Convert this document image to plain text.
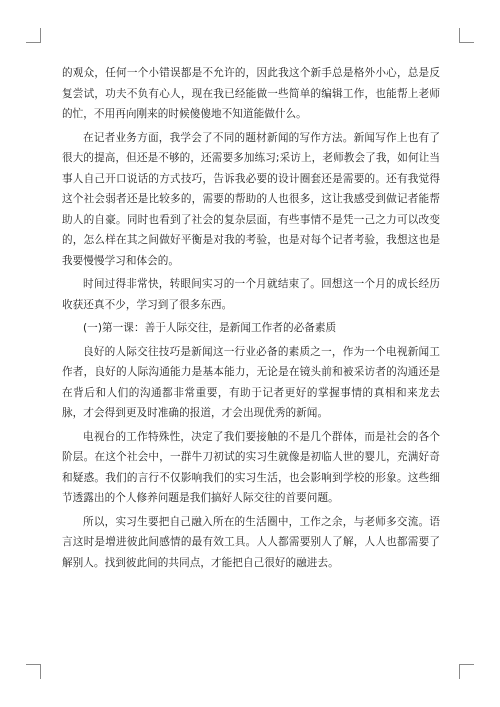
的观众，任何一个小错误都是不允许的，因此我这个新手总是格外小心，总是反复尝试，功夫不负有心人，现在我已经能做一些简单的编辑工作，也能帮上老师的忙，不用再向刚来的时候傻傻地不知道能做什么。

在记者业务方面，我学会了不同的题材新闻的写作方法。新闻写作上也有了很大的提高，但还是不够的，还需要多加练习;采访上，老师教会了我，如何让当事人自己开口说话的方式技巧，告诉我必要的设计圈套还是需要的。还有我觉得这个社会弱者还是比较多的，需要的帮助的人也很多，这让我感受到做记者能帮助人的自豪。同时也看到了社会的复杂层面，有些事情不是凭一己之力可以改变的，怎么样在其之间做好平衡是对我的考验，也是对每个记者考验，我想这也是我要慢慢学习和体会的。

时间过得非常快，转眼间实习的一个月就结束了。回想这一个月的成长经历收获还真不少，学习到了很多东西。

(一)第一课：善于人际交往，是新闻工作者的必备素质

良好的人际交往技巧是新闻这一行业必备的素质之一，作为一个电视新闻工作者，良好的人际沟通能力是基本能力，无论是在镜头前和被采访者的沟通还是在背后和人们的沟通都非常重要，有助于记者更好的掌握事情的真相和来龙去脉，才会得到更及时准确的报道，才会出现优秀的新闻。

电视台的工作特殊性，决定了我们要接触的不是几个群体，而是社会的各个阶层。在这个社会中，一群牛刀初试的实习生就像是初临人世的婴儿，充满好奇和疑惑。我们的言行不仅影响我们的实习生活，也会影响到学校的形象。这些细节透露出的个人修养问题是我们搞好人际交往的首要问题。

所以，实习生要把自己融入所在的生活圈中，工作之余，与老师多交流。语言这时是增进彼此间感情的最有效工具。人人都需要别人了解，人人也都需要了解别人。找到彼此间的共同点，才能把自己很好的融进去。
